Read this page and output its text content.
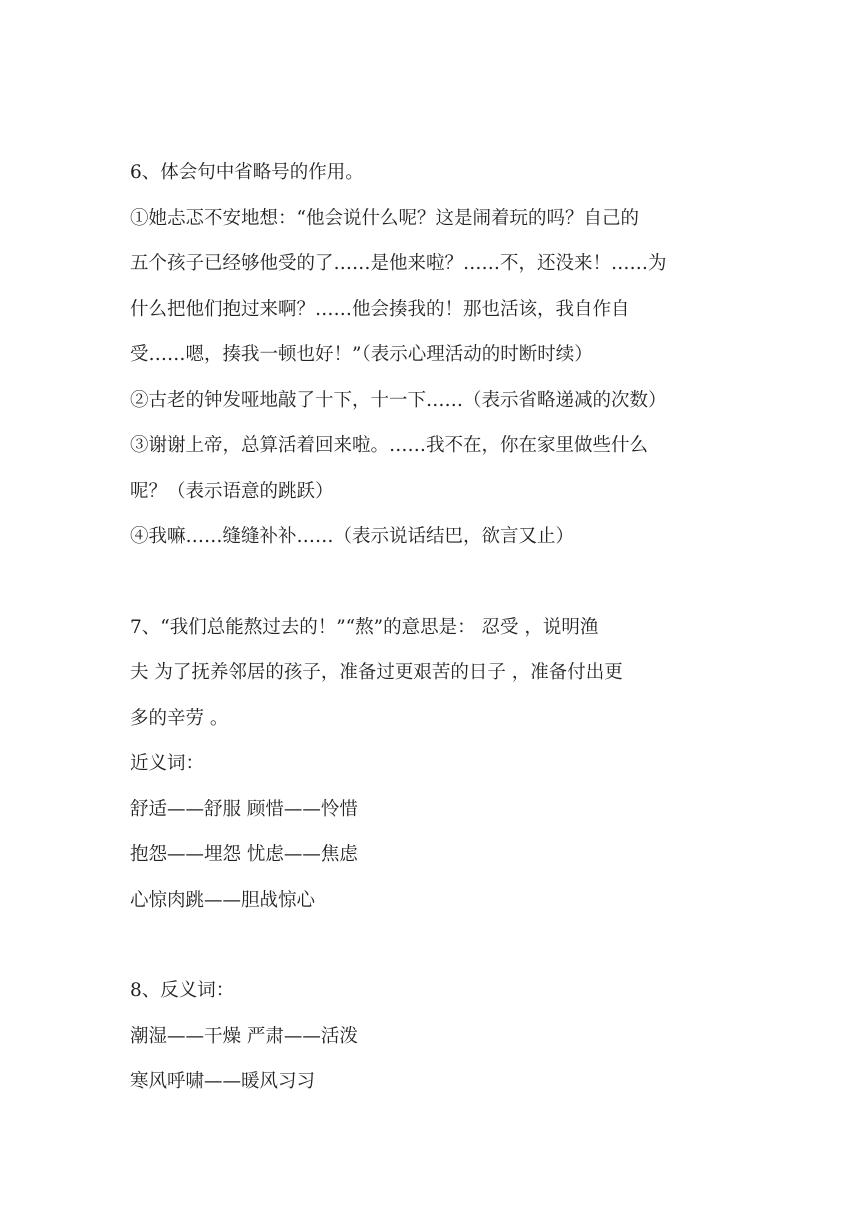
6、体会句中省略号的作用。
①她忐忑不安地想：“他会说什么呢？这是闹着玩的吗？自己的
五个孩子已经够他受的了……是他来啦？……不，还没来！……为
什么把他们抱过来啊？……他会揍我的！那也活该，我自作自
受……嗯，揍我一顿也好！”（表示心理活动的时断时续）
②古老的钟发哑地敲了十下，十一下……（表示省略递减的次数）
③谢谢上帝，总算活着回来啦。……我不在，你在家里做些什么
呢？（表示语意的跳跃）
④我嘛……缝缝补补……（表示说话结巴，欲言又止）
7、“我们总能熬过去的！”“熬”的意思是： 忍受 ，说明渔
夫 为了抚养邻居的孩子，准备过更艰苦的日子 ，准备付出更
多的辛劳 。
近义词：
舒适——舒服 顾惜——怜惜
抱怨——埋怨 忧虑——焦虑
心惊肉跳——胆战惊心
8、反义词：
潮湿——干燥 严肃——活泼
寒风呼啸——暖风习习
